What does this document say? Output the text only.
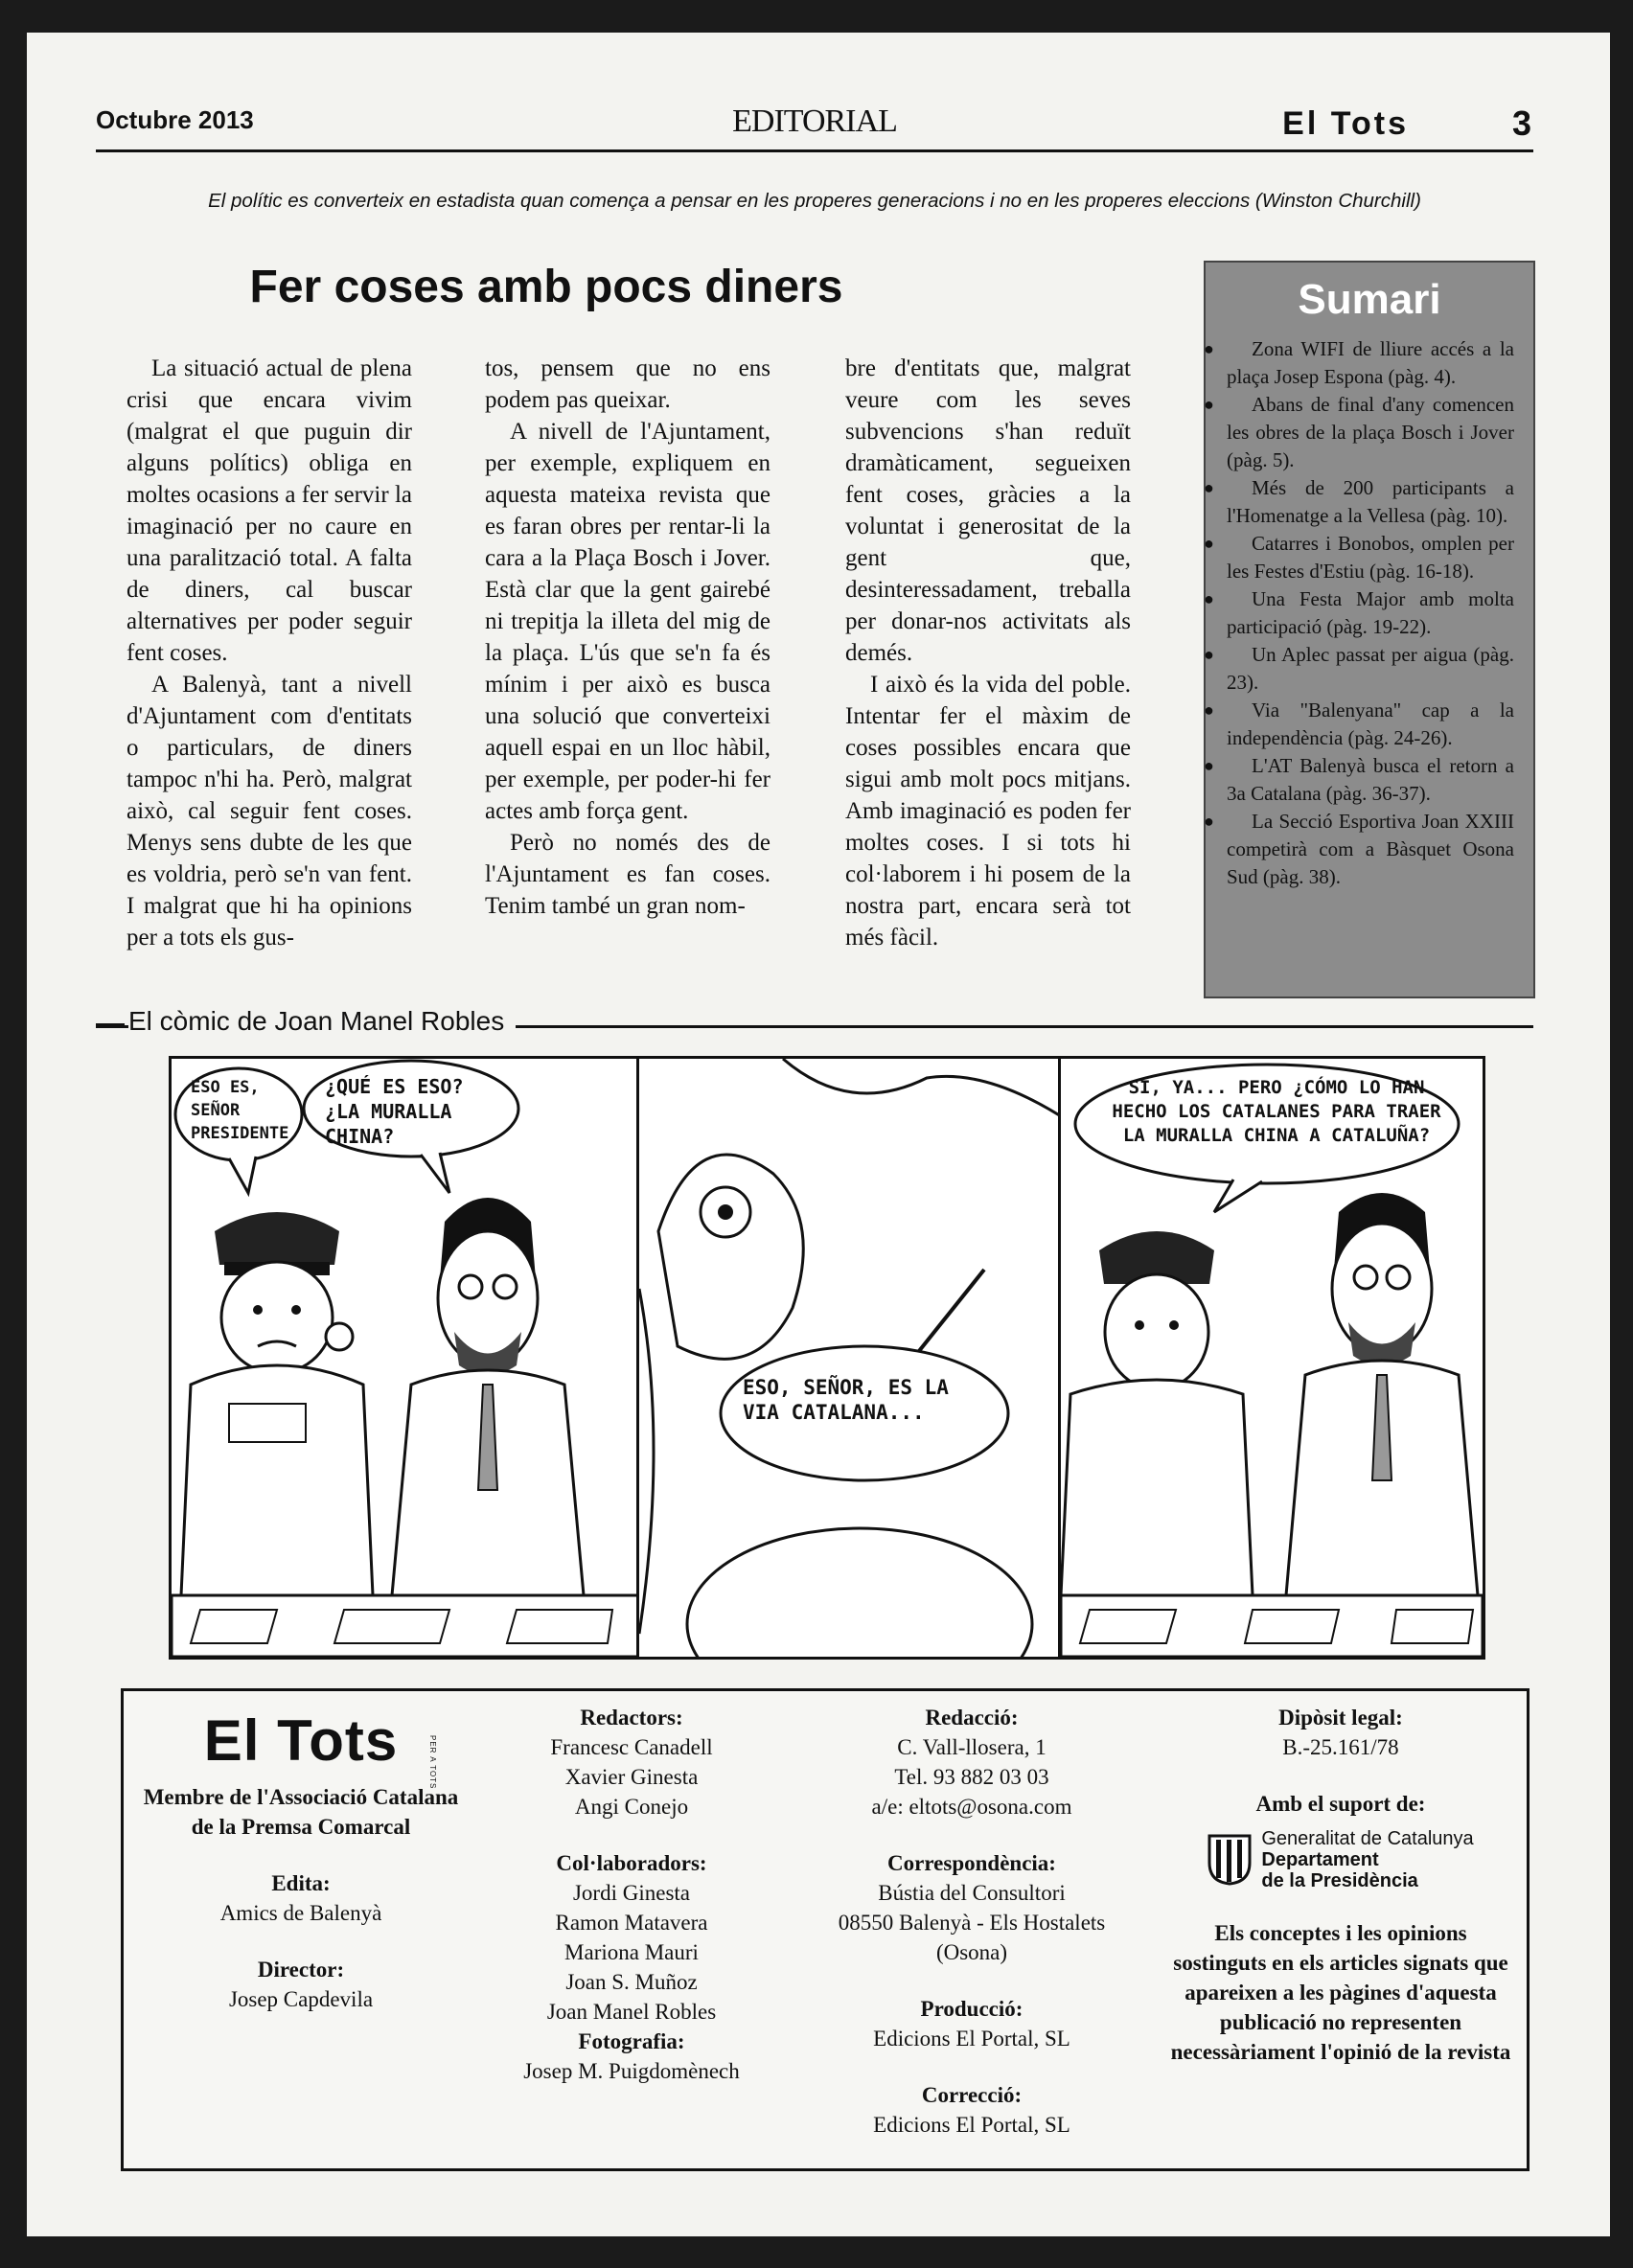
Octubre 2013	EDITORIAL	El Tots	3
El polític es converteix en estadista quan comença a pensar en les properes generacions i no en les properes eleccions (Winston Churchill)
Fer coses amb pocs diners

La situació actual de plena crisi que encara vivim (malgrat el que puguin dir alguns polítics) obliga en moltes ocasions a fer servir la imaginació per no caure en una paralització total. A falta de diners, cal buscar alternatives per poder seguir fent coses.

A Balenyà, tant a nivell d'Ajuntament com d'entitats o particulars, de diners tampoc n'hi ha. Però, malgrat això, cal seguir fent coses. Menys sens dubte de les que es voldria, però se'n van fent. I malgrat que hi ha opinions per a tots els gus-

tos, pensem que no ens podem pas queixar.

A nivell de l'Ajuntament, per exemple, expliquem en aquesta mateixa revista que es faran obres per rentar-li la cara a la Plaça Bosch i Jover. Està clar que la gent gairebé ni trepitja la illeta del mig de la plaça. L'ús que se'n fa és mínim i per això es busca una solució que converteixi aquell espai en un lloc hàbil, per exemple, per poder-hi fer actes amb força gent.

Però no només des de l'Ajuntament es fan coses. Tenim també un gran nom-

bre d'entitats que, malgrat veure com les seves subvencions s'han reduït dramàticament, segueixen fent coses, gràcies a la voluntat i generositat de la gent que, desinteressadament, treballa per donar-nos activitats als demés.

I això és la vida del poble. Intentar fer el màxim de coses possibles encara que sigui amb molt pocs mitjans. Amb imaginació es poden fer moltes coses. I si tots hi col·laborem i hi posem de la nostra part, encara serà tot més fàcil.

Sumari
● Zona WIFI de lliure accés a la plaça Josep Espona (pàg. 4).
● Abans de final d'any comencen les obres de la plaça Bosch i Jover (pàg. 5).
● Més de 200 participants a l'Homenatge a la Vellesa (pàg. 10).
● Catarres i Bonobos, omplen per les Festes d'Estiu (pàg. 16-18).
● Una Festa Major amb molta participació (pàg. 19-22).
● Un Aplec passat per aigua (pàg. 23).
● Via "Balenyana" cap a la independència (pàg. 24-26).
● L'AT Balenyà busca el retorn a 3a Catalana (pàg. 36-37).
● La Secció Esportiva Joan XXIII competirà com a Bàsquet Osona Sud (pàg. 38).
El còmic de Joan Manel Robles
ESO ES, SEÑOR PRESIDENTE
¿QUÉ ES ESO? ¿LA MURALLA CHINA?
ESO, SEÑOR, ES LA VIA CATALANA...
SI, YA... PERO ¿CÓMO LO HAN HECHO LOS CATALANES PARA TRAER LA MURALLA CHINA A CATALUÑA?
El Tots
Membre de l'Associació Catalana de la Premsa Comarcal
Edita:
Amics de Balenyà
Director:
Josep Capdevila
PER A TOTS
Redactors:
Francesc Canadell
Xavier Ginesta
Angi Conejo
Col·laboradors:
Jordi Ginesta
Ramon Matavera
Mariona Mauri
Joan S. Muñoz
Joan Manel Robles
Fotografia:
Josep M. Puigdomènech
Redacció:
C. Vall-llosera, 1
Tel. 93 882 03 03
a/e: eltots@osona.com
Correspondència:
Bústia del Consultori
08550 Balenyà - Els Hostalets
(Osona)
Producció:
Edicions El Portal, SL
Correcció:
Edicions El Portal, SL
Dipòsit legal:
B.-25.161/78
Amb el suport de:
Generalitat de Catalunya
Departament
de la Presidència
Els conceptes i les opinions sostinguts en els articles signats que apareixen a les pàgines d'aquesta publicació no representen necessàriament l'opinió de la revista
